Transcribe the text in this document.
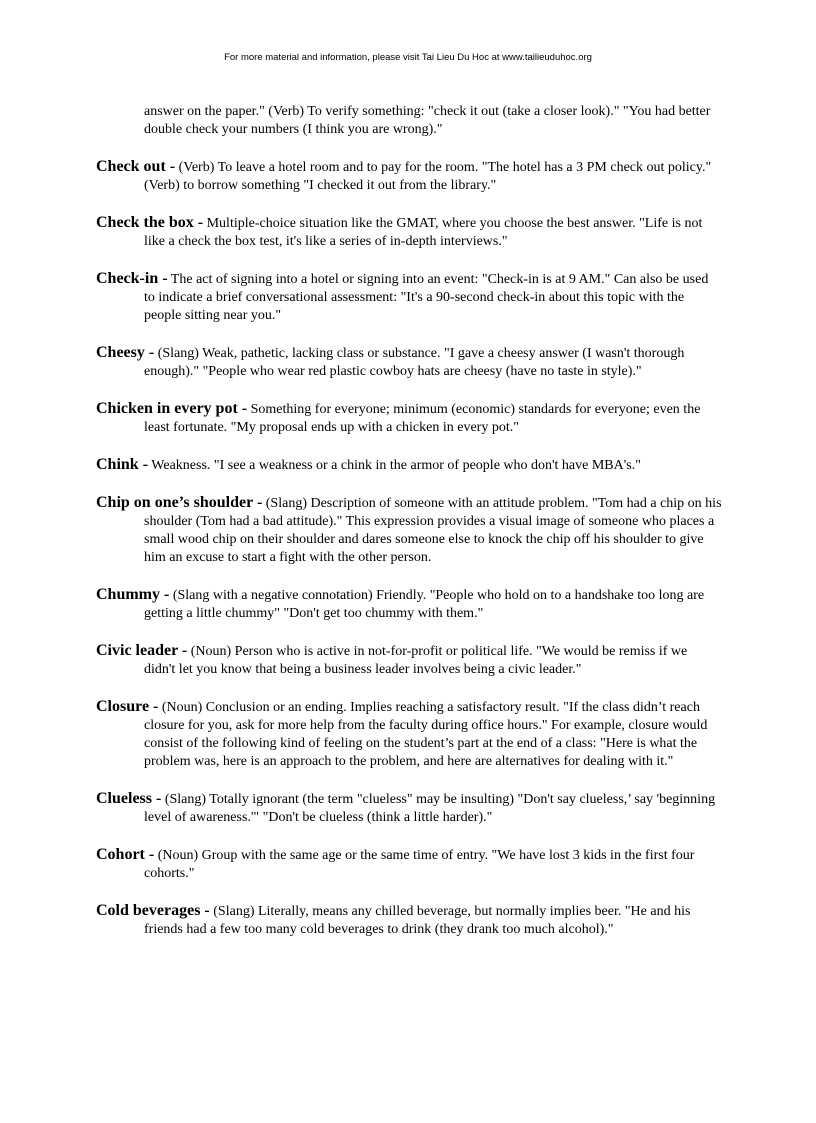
For more material and information, please visit Tai Lieu Du Hoc at www.tailieuduhoc.org

answer on the paper." (Verb) To verify something: "check it out (take a closer look)." "You had better double check your numbers (I think you are wrong)."

Check out - (Verb) To leave a hotel room and to pay for the room. "The hotel has a 3 PM check out policy." (Verb) to borrow something "I checked it out from the library."

Check the box - Multiple-choice situation like the GMAT, where you choose the best answer. "Life is not like a check the box test, it's like a series of in-depth interviews."

Check-in - The act of signing into a hotel or signing into an event: "Check-in is at 9 AM." Can also be used to indicate a brief conversational assessment: "It's a 90-second check-in about this topic with the people sitting near you."

Cheesy - (Slang) Weak, pathetic, lacking class or substance. "I gave a cheesy answer (I wasn't thorough enough)." "People who wear red plastic cowboy hats are cheesy (have no taste in style)."

Chicken in every pot - Something for everyone; minimum (economic) standards for everyone; even the least fortunate. "My proposal ends up with a chicken in every pot."

Chink - Weakness. "I see a weakness or a chink in the armor of people who don't have MBA's."

Chip on one’s shoulder - (Slang) Description of someone with an attitude problem. "Tom had a chip on his shoulder (Tom had a bad attitude)." This expression provides a visual image of someone who places a small wood chip on their shoulder and dares someone else to knock the chip off his shoulder to give him an excuse to start a fight with the other person.

Chummy - (Slang with a negative connotation) Friendly. "People who hold on to a handshake too long are getting a little chummy" "Don't get too chummy with them."

Civic leader - (Noun) Person who is active in not-for-profit or political life. "We would be remiss if we didn't let you know that being a business leader involves being a civic leader."

Closure - (Noun) Conclusion or an ending. Implies reaching a satisfactory result. "If the class didn’t reach closure for you, ask for more help from the faculty during office hours." For example, closure would consist of the following kind of feeling on the student’s part at the end of a class: "Here is what the problem was, here is an approach to the problem, and here are alternatives for dealing with it."

Clueless - (Slang) Totally ignorant (the term "clueless" may be insulting) "Don't say clueless,’ say 'beginning level of awareness.'" "Don't be clueless (think a little harder)."

Cohort - (Noun) Group with the same age or the same time of entry. "We have lost 3 kids in the first four cohorts."

Cold beverages - (Slang) Literally, means any chilled beverage, but normally implies beer. "He and his friends had a few too many cold beverages to drink (they drank too much alcohol)."
